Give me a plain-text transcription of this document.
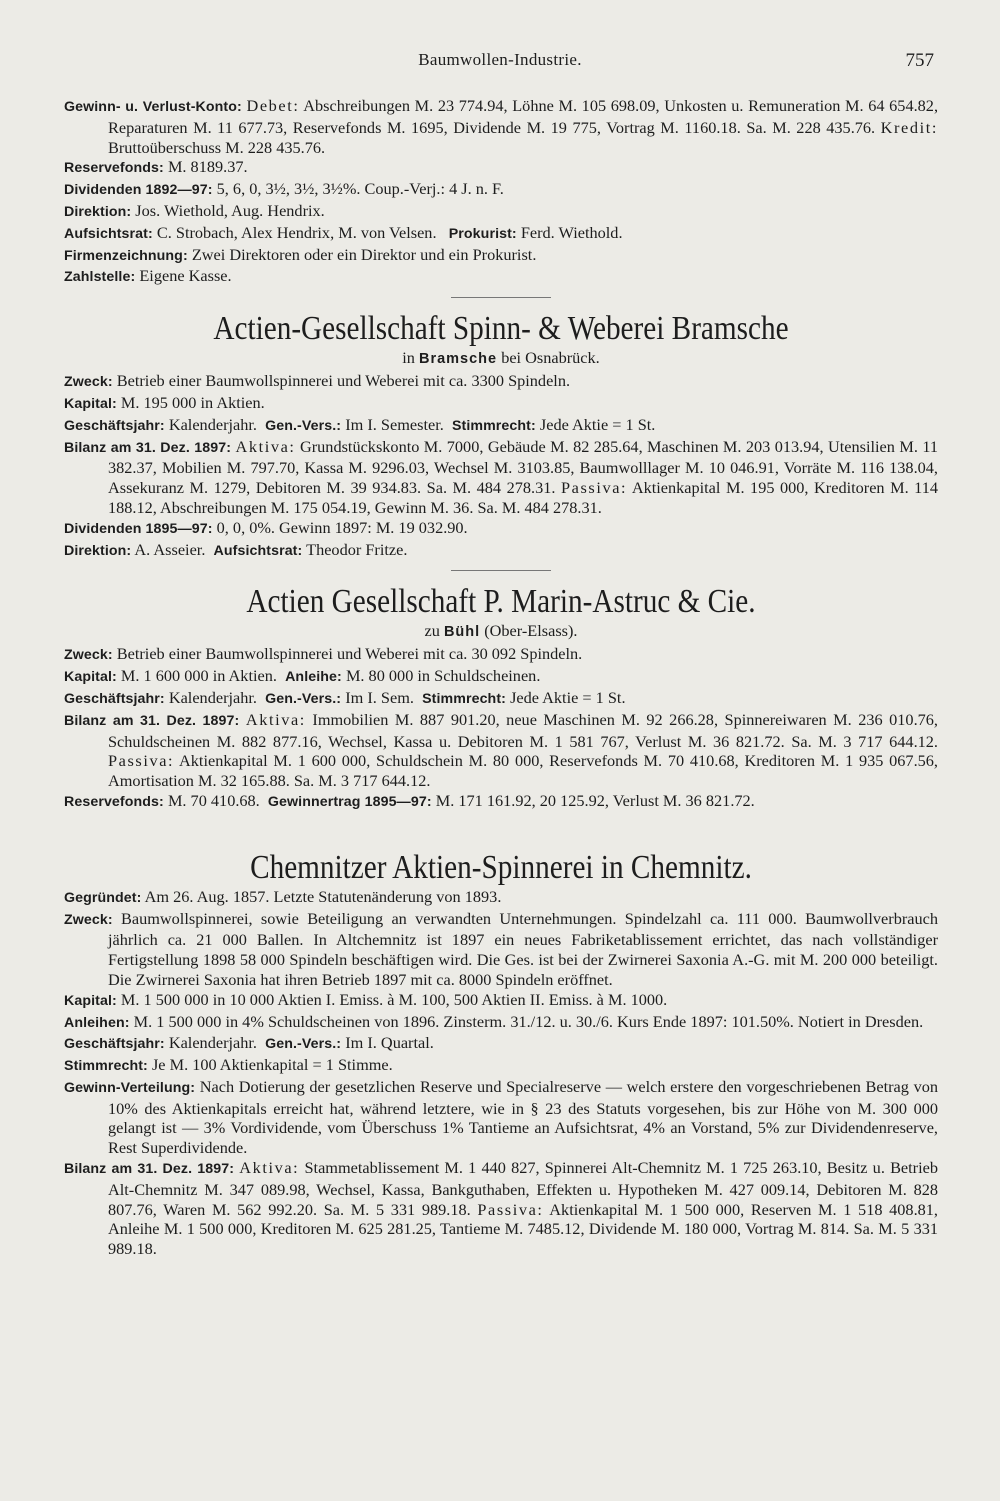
Baumwollen-Industrie.	757

Gewinn- u. Verlust-Konto: Debet: Abschreibungen M. 23 774.94, Löhne M. 105 698.09, Unkosten u. Remuneration M. 64 654.82, Reparaturen M. 11 677.73, Reservefonds M. 1695, Dividende M. 19 775, Vortrag M. 1160.18. Sa. M. 228 435.76. Kredit: Bruttoüberschuss M. 228 435.76.

Reservefonds: M. 8189.37.

Dividenden 1892—97: 5, 6, 0, 3½, 3½, 3½%. Coup.-Verj.: 4 J. n. F.

Direktion: Jos. Wiethold, Aug. Hendrix.

Aufsichtsrat: C. Strobach, Alex Hendrix, M. von Velsen. Prokurist: Ferd. Wiethold.

Firmenzeichnung: Zwei Direktoren oder ein Direktor und ein Prokurist.

Zahlstelle: Eigene Kasse.

Actien-Gesellschaft Spinn- & Weberei Bramsche
in Bramsche bei Osnabrück.

Zweck: Betrieb einer Baumwollspinnerei und Weberei mit ca. 3300 Spindeln.

Kapital: M. 195 000 in Aktien.

Geschäftsjahr: Kalenderjahr. Gen.-Vers.: Im I. Semester. Stimmrecht: Jede Aktie = 1 St.

Bilanz am 31. Dez. 1897: Aktiva: Grundstückskonto M. 7000, Gebäude M. 82 285.64, Maschinen M. 203 013.94, Utensilien M. 11 382.37, Mobilien M. 797.70, Kassa M. 9296.03, Wechsel M. 3103.85, Baumwolllager M. 10 046.91, Vorräte M. 116 138.04, Assekuranz M. 1279, Debitoren M. 39 934.83. Sa. M. 484 278.31. Passiva: Aktienkapital M. 195 000, Kreditoren M. 114 188.12, Abschreibungen M. 175 054.19, Gewinn M. 36. Sa. M. 484 278.31.

Dividenden 1895—97: 0, 0, 0%. Gewinn 1897: M. 19 032.90.

Direktion: A. Asseier. Aufsichtsrat: Theodor Fritze.

Actien Gesellschaft P. Marin-Astruc & Cie.
zu Bühl (Ober-Elsass).

Zweck: Betrieb einer Baumwollspinnerei und Weberei mit ca. 30 092 Spindeln.

Kapital: M. 1 600 000 in Aktien. Anleihe: M. 80 000 in Schuldscheinen.

Geschäftsjahr: Kalenderjahr. Gen.-Vers.: Im I. Sem. Stimmrecht: Jede Aktie = 1 St.

Bilanz am 31. Dez. 1897: Aktiva: Immobilien M. 887 901.20, neue Maschinen M. 92 266.28, Spinnereiwaren M. 236 010.76, Schuldscheinen M. 882 877.16, Wechsel, Kassa u. Debitoren M. 1 581 767, Verlust M. 36 821.72. Sa. M. 3 717 644.12. Passiva: Aktienkapital M. 1 600 000, Schuldschein M. 80 000, Reservefonds M. 70 410.68, Kreditoren M. 1 935 067.56, Amortisation M. 32 165.88. Sa. M. 3 717 644.12.

Reservefonds: M. 70 410.68. Gewinnertrag 1895—97: M. 171 161.92, 20 125.92, Verlust M. 36 821.72.

Chemnitzer Aktien-Spinnerei in Chemnitz.

Gegründet: Am 26. Aug. 1857. Letzte Statutenänderung von 1893.

Zweck: Baumwollspinnerei, sowie Beteiligung an verwandten Unternehmungen. Spindelzahl ca. 111 000. Baumwollverbrauch jährlich ca. 21 000 Ballen. In Altchemnitz ist 1897 ein neues Fabriketablissement errichtet, das nach vollständiger Fertigstellung 1898 58 000 Spindeln beschäftigen wird. Die Ges. ist bei der Zwirnerei Saxonia A.-G. mit M. 200 000 beteiligt. Die Zwirnerei Saxonia hat ihren Betrieb 1897 mit ca. 8000 Spindeln eröffnet.

Kapital: M. 1 500 000 in 10 000 Aktien I. Emiss. à M. 100, 500 Aktien II. Emiss. à M. 1000.

Anleihen: M. 1 500 000 in 4% Schuldscheinen von 1896. Zinsterm. 31./12. u. 30./6. Kurs Ende 1897: 101.50%. Notiert in Dresden.

Geschäftsjahr: Kalenderjahr. Gen.-Vers.: Im I. Quartal.

Stimmrecht: Je M. 100 Aktienkapital = 1 Stimme.

Gewinn-Verteilung: Nach Dotierung der gesetzlichen Reserve und Specialreserve — welch erstere den vorgeschriebenen Betrag von 10% des Aktienkapitals erreicht hat, während letztere, wie in § 23 des Statuts vorgesehen, bis zur Höhe von M. 300 000 gelangt ist — 3% Vordividende, vom Überschuss 1% Tantieme an Aufsichtsrat, 4% an Vorstand, 5% zur Dividendenreserve, Rest Superdividende.

Bilanz am 31. Dez. 1897: Aktiva: Stammetablissement M. 1 440 827, Spinnerei Alt-Chemnitz M. 1 725 263.10, Besitz u. Betrieb Alt-Chemnitz M. 347 089.98, Wechsel, Kassa, Bankguthaben, Effekten u. Hypotheken M. 427 009.14, Debitoren M. 828 807.76, Waren M. 562 992.20. Sa. M. 5 331 989.18. Passiva: Aktienkapital M. 1 500 000, Reserven M. 1 518 408.81, Anleihe M. 1 500 000, Kreditoren M. 625 281.25, Tantieme M. 7485.12, Dividende M. 180 000, Vortrag M. 814. Sa. M. 5 331 989.18.
